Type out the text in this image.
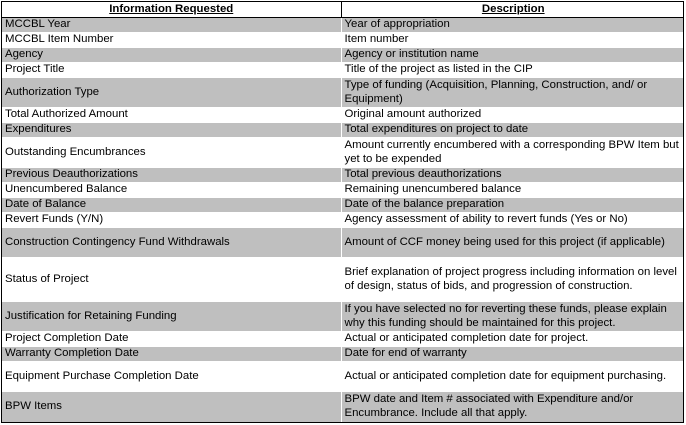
Information Requested	Description
MCCBL Year	Year of appropriation
MCCBL Item Number	Item number
Agency	Agency or institution name
Project Title	Title of the project as listed in the CIP
Authorization Type	Type of funding (Acquisition, Planning, Construction, and/ or Equipment)
Total Authorized Amount	Original amount authorized
Expenditures	Total expenditures on project to date
Outstanding Encumbrances	Amount currently encumbered with a corresponding BPW Item but yet to be expended
Previous Deauthorizations	Total previous deauthorizations
Unencumbered Balance	Remaining unencumbered balance
Date of Balance	Date of the balance preparation
Revert Funds (Y/N)	Agency assessment of ability to revert funds (Yes or No)
Construction Contingency Fund Withdrawals	Amount of CCF money being used for this project (if applicable)
Status of Project	Brief explanation of project progress including information on level of design, status of bids, and progression of construction.
Justification for Retaining Funding	If you have selected no for reverting these funds, please explain why this funding should be maintained for this project.
Project Completion Date	Actual or anticipated completion date for project.
Warranty Completion Date	Date for end of warranty
Equipment Purchase Completion Date	Actual or anticipated completion date for equipment purchasing.
BPW Items	BPW date and Item # associated with Expenditure and/or Encumbrance. Include all that apply.
